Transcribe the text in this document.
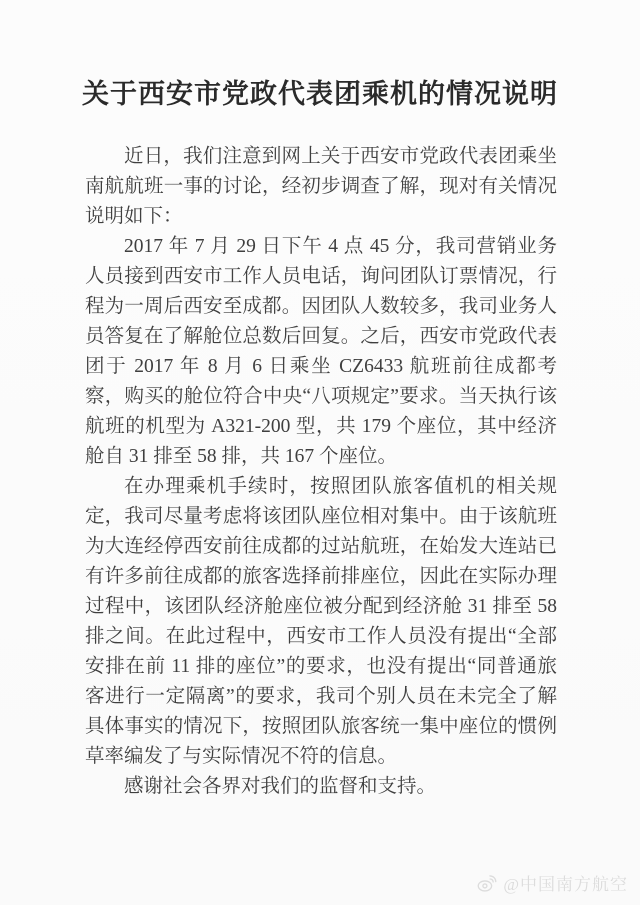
关于西安市党政代表团乘机的情况说明

近日，我们注意到网上关于西安市党政代表团乘坐南航航班一事的讨论，经初步调查了解，现对有关情况说明如下：

2017 年 7 月 29 日下午 4 点 45 分，我司营销业务人员接到西安市工作人员电话，询问团队订票情况，行程为一周后西安至成都。因团队人数较多，我司业务人员答复在了解舱位总数后回复。之后，西安市党政代表团于 2017 年 8 月 6 日乘坐 CZ6433 航班前往成都考察，购买的舱位符合中央“八项规定”要求。当天执行该航班的机型为 A321-200 型，共 179 个座位，其中经济舱自 31 排至 58 排，共 167 个座位。

在办理乘机手续时，按照团队旅客值机的相关规定，我司尽量考虑将该团队座位相对集中。由于该航班为大连经停西安前往成都的过站航班，在始发大连站已有许多前往成都的旅客选择前排座位，因此在实际办理过程中，该团队经济舱座位被分配到经济舱 31 排至 58 排之间。在此过程中，西安市工作人员没有提出“全部安排在前 11 排的座位”的要求，也没有提出“同普通旅客进行一定隔离”的要求，我司个别人员在未完全了解具体事实的情况下，按照团队旅客统一集中座位的惯例草率编发了与实际情况不符的信息。

感谢社会各界对我们的监督和支持。

@中国南方航空
